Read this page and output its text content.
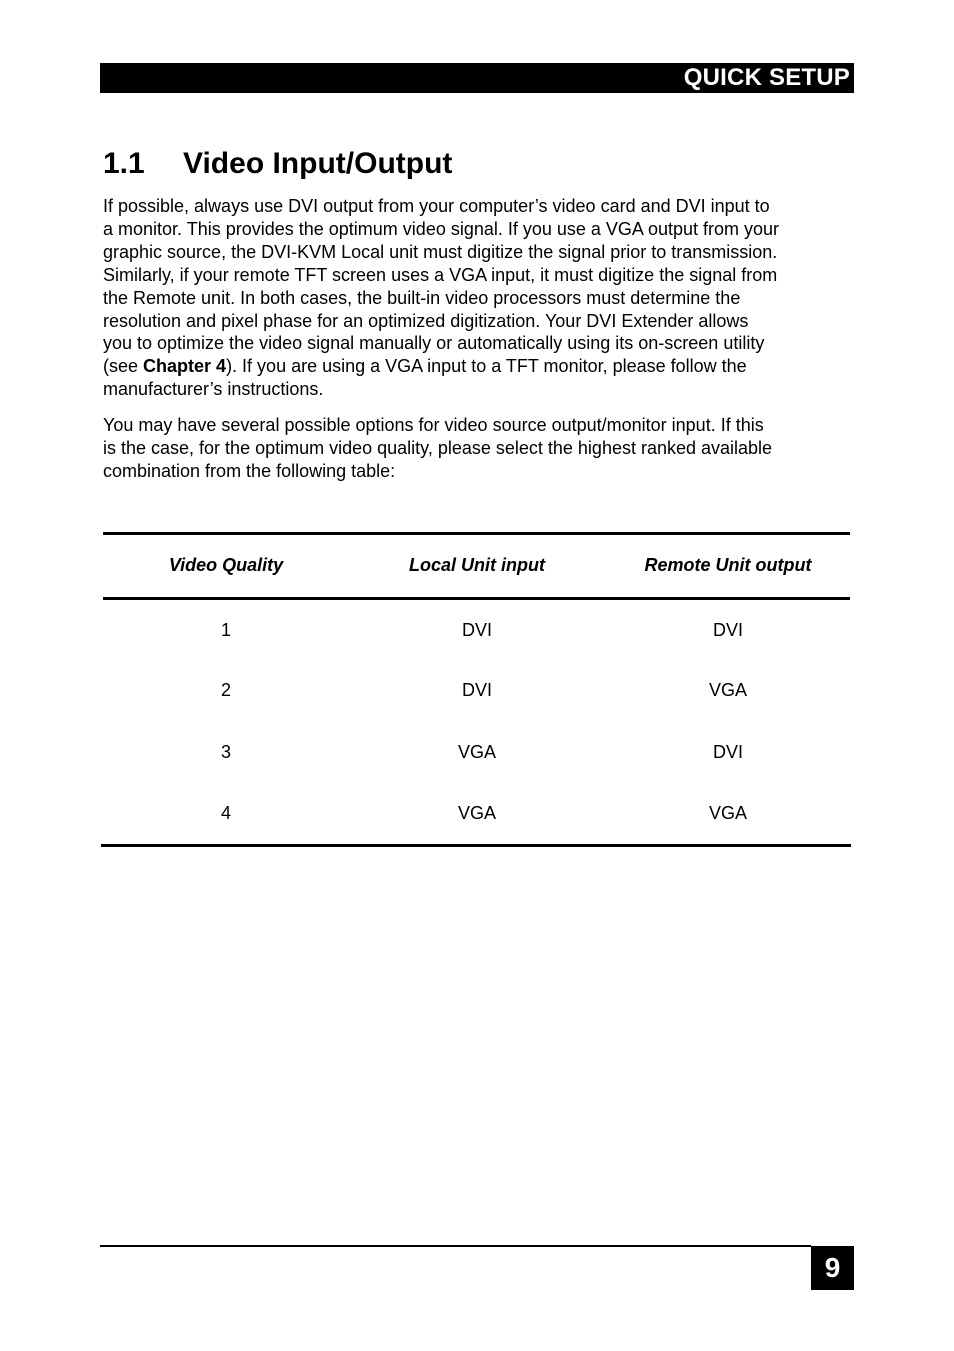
QUICK SETUP
1.1 Video Input/Output

If possible, always use DVI output from your computer’s video card and DVI input to
a monitor. This provides the optimum video signal. If you use a VGA output from your
graphic source, the DVI-KVM Local unit must digitize the signal prior to transmission.
Similarly, if your remote TFT screen uses a VGA input, it must digitize the signal from
the Remote unit. In both cases, the built-in video processors must determine the
resolution and pixel phase for an optimized digitization. Your DVI Extender allows
you to optimize the video signal manually or automatically using its on-screen utility
(see Chapter 4). If you are using a VGA input to a TFT monitor, please follow the
manufacturer’s instructions.

You may have several possible options for video source output/monitor input. If this
is the case, for the optimum video quality, please select the highest ranked available
combination from the following table:

Video Quality	Local Unit input	Remote Unit output
1	DVI	DVI
2	DVI	VGA
3	VGA	DVI
4	VGA	VGA
9
